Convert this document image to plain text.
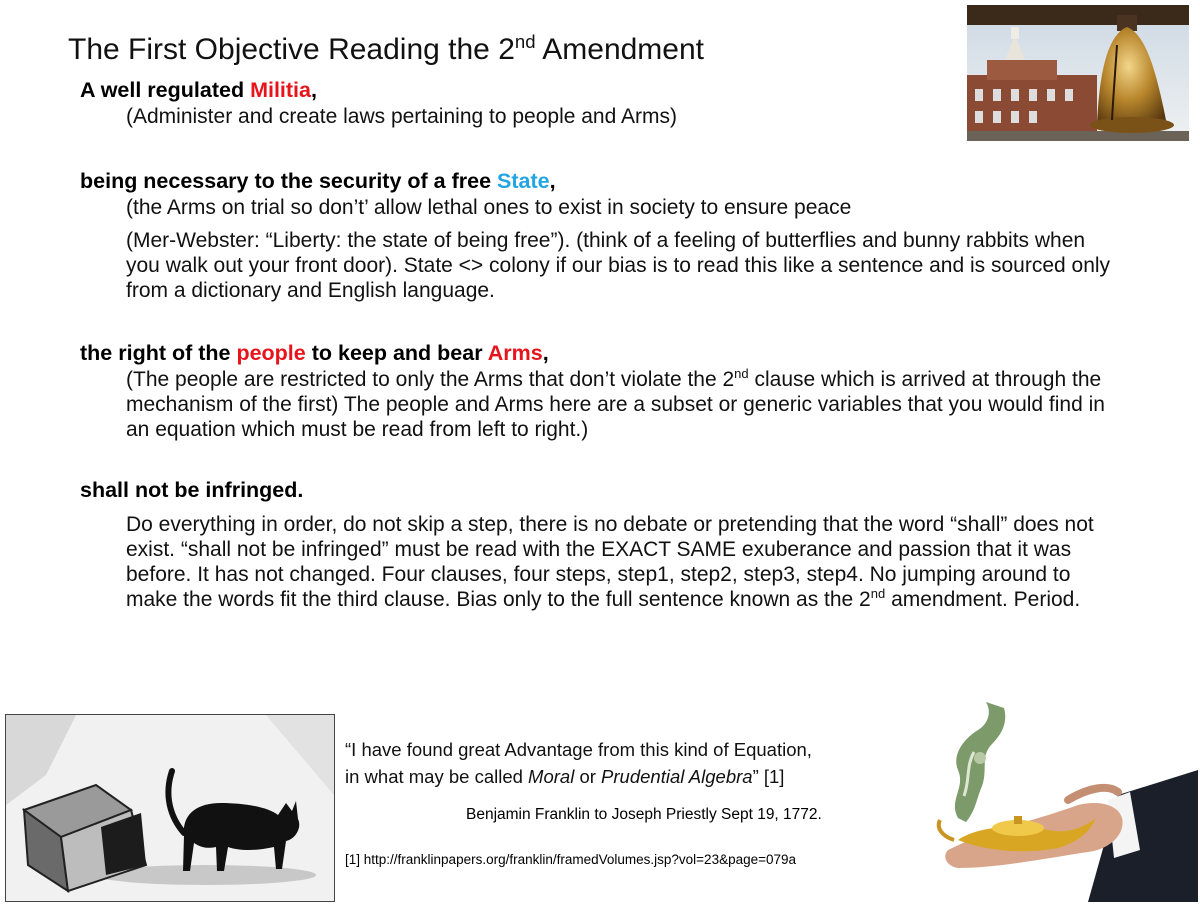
The First Objective Reading the 2nd Amendment

A well regulated Militia,

(Administer and create laws pertaining to people and Arms)

being necessary to the security of a free State,

(the Arms on trial so don’t’ allow lethal ones to exist in society to ensure peace

(Mer-Webster: “Liberty: the state of being free”). (think of a feeling of butterflies and bunny rabbits when you walk out your front door). State <> colony if our bias is to read this like a sentence and is sourced only from a dictionary and English language.

the right of the people to keep and bear Arms,

(The people are restricted to only the Arms that don’t violate the 2nd clause which is arrived at through the mechanism of the first) The people and Arms here are a subset or generic variables that you would find in an equation which must be read from left to right.)

shall not be infringed.

Do everything in order, do not skip a step, there is no debate or pretending that the word “shall” does not exist. “shall not be infringed” must be read with the EXACT SAME exuberance and passion that it was before. It has not changed. Four clauses, four steps, step1, step2, step3, step4. No jumping around to make the words fit the third clause. Bias only to the full sentence known as the 2nd amendment. Period.

“I have found great Advantage from this kind of Equation,

in what may be called Moral or Prudential Algebra” [1]

Benjamin Franklin to Joseph Priestly Sept 19, 1772.

[1] http://franklinpapers.org/franklin/framedVolumes.jsp?vol=23&page=079a
